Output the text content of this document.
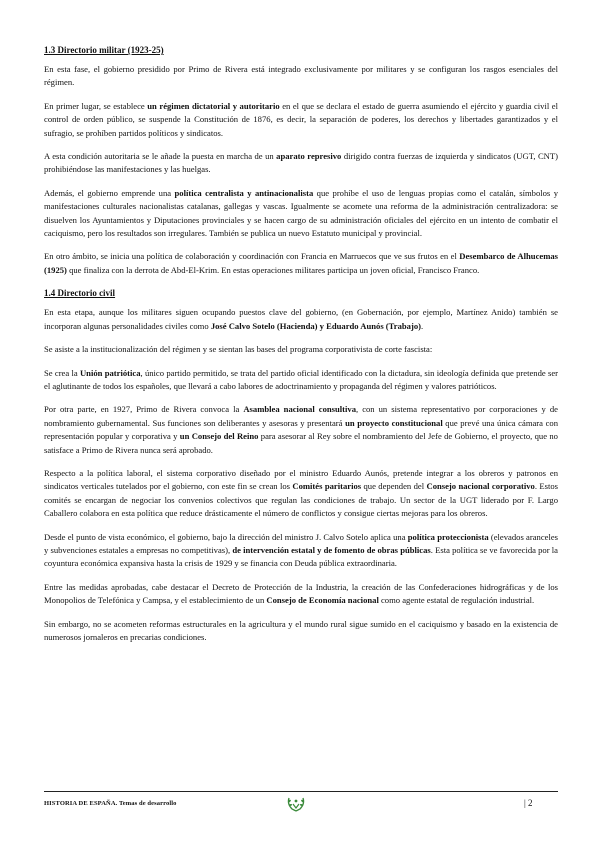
1.3 Directorio militar (1923-25)

En esta fase, el gobierno presidido por Primo de Rivera está integrado exclusivamente por militares y se configuran los rasgos esenciales del régimen.

En primer lugar, se establece un régimen dictatorial y autoritario en el que se declara el estado de guerra asumiendo el ejército y guardia civil el control de orden público, se suspende la Constitución de 1876, es decir, la separación de poderes, los derechos y libertades garantizados y el sufragio, se prohíben partidos políticos y sindicatos.

A esta condición autoritaria se le añade la puesta en marcha de un aparato represivo dirigido contra fuerzas de izquierda y sindicatos (UGT, CNT) prohibiéndose las manifestaciones y las huelgas.

Además, el gobierno emprende una política centralista y antinacionalista que prohíbe el uso de lenguas propias como el catalán, símbolos y manifestaciones culturales nacionalistas catalanas, gallegas y vascas. Igualmente se acomete una reforma de la administración centralizadora: se disuelven los Ayuntamientos y Diputaciones provinciales y se hacen cargo de su administración oficiales del ejército en un intento de combatir el caciquismo, pero los resultados son irregulares. También se publica un nuevo Estatuto municipal y provincial.

En otro ámbito, se inicia una política de colaboración y coordinación con Francia en Marruecos que ve sus frutos en el Desembarco de Alhucemas (1925) que finaliza con la derrota de Abd-El-Krim. En estas operaciones militares participa un joven oficial, Francisco Franco.

1.4 Directorio civil

En esta etapa, aunque los militares siguen ocupando puestos clave del gobierno, (en Gobernación, por ejemplo, Martínez Anido) también se incorporan algunas personalidades civiles como José Calvo Sotelo (Hacienda) y Eduardo Aunós (Trabajo).

Se asiste a la institucionalización del régimen y se sientan las bases del programa corporativista de corte fascista:

Se crea la Unión patriótica, único partido permitido, se trata del partido oficial identificado con la dictadura, sin ideología definida que pretende ser el aglutinante de todos los españoles, que llevará a cabo labores de adoctrinamiento y propaganda del régimen y valores patrióticos.

Por otra parte, en 1927, Primo de Rivera convoca la Asamblea nacional consultiva, con un sistema representativo por corporaciones y de nombramiento gubernamental. Sus funciones son deliberantes y asesoras y presentará un proyecto constitucional que prevé una única cámara con representación popular y corporativa y un Consejo del Reino para asesorar al Rey sobre el nombramiento del Jefe de Gobierno, el proyecto, que no satisface a Primo de Rivera nunca será aprobado.

Respecto a la política laboral, el sistema corporativo diseñado por el ministro Eduardo Aunós, pretende integrar a los obreros y patronos en sindicatos verticales tutelados por el gobierno, con este fin se crean los Comités paritarios que dependen del Consejo nacional corporativo. Estos comités se encargan de negociar los convenios colectivos que regulan las condiciones de trabajo. Un sector de la UGT liderado por F. Largo Caballero colabora en esta política que reduce drásticamente el número de conflictos y consigue ciertas mejoras para los obreros.

Desde el punto de vista económico, el gobierno, bajo la dirección del ministro J. Calvo Sotelo aplica una política proteccionista (elevados aranceles y subvenciones estatales a empresas no competitivas), de intervención estatal y de fomento de obras públicas. Esta política se ve favorecida por la coyuntura económica expansiva hasta la crisis de 1929 y se financia con Deuda pública extraordinaria.

Entre las medidas aprobadas, cabe destacar el Decreto de Protección de la Industria, la creación de las Confederaciones hidrográficas y de los Monopolios de Telefónica y Campsa, y el establecimiento de un Consejo de Economía nacional como agente estatal de regulación industrial.

Sin embargo, no se acometen reformas estructurales en la agricultura y el mundo rural sigue sumido en el caciquismo y basado en la existencia de numerosos jornaleros en precarias condiciones.

HISTORIA DE ESPAÑA. Temas de desarrollo	| 2
